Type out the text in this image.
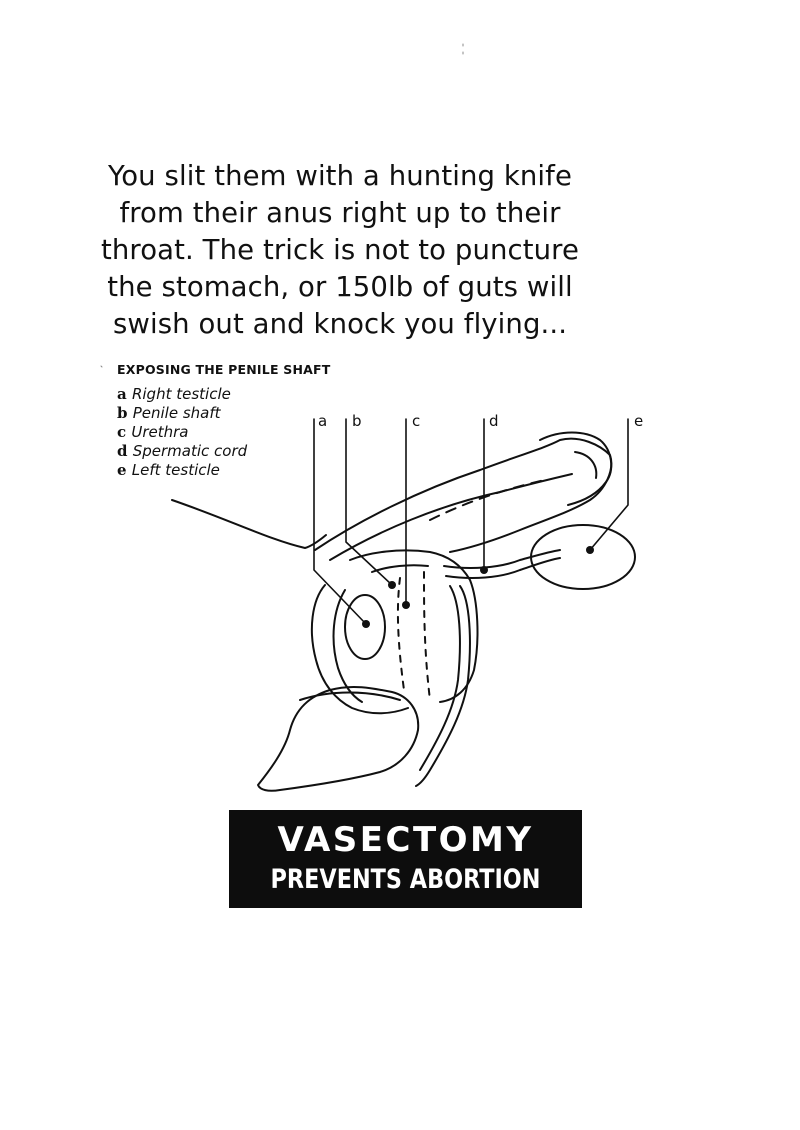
You slit them with a hunting knife
from their anus right up to their
throat. The trick is not to puncture
the stomach, or 150lb of guts will
swish out and knock you flying...
EXPOSING THE PENILE SHAFT
a Right testicle
b Penile shaft
c Urethra
d Spermatic cord
e Left testicle
a b	c	d	e
VASECTOMY
PREVENTS ABORTION
